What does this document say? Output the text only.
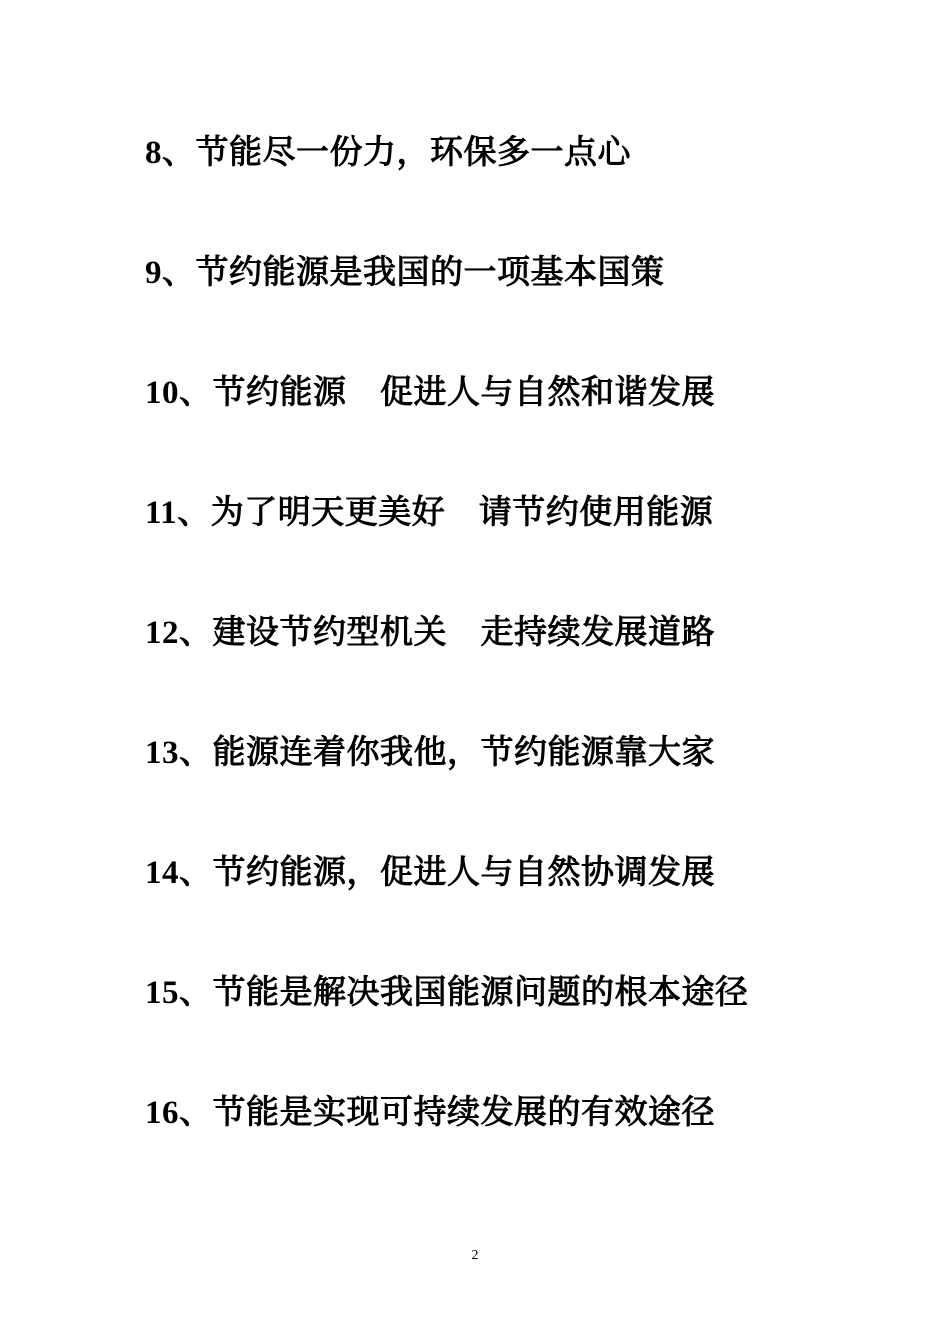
8、节能尽一份力，环保多一点心
9、节约能源是我国的一项基本国策
10、节约能源　促进人与自然和谐发展
11、为了明天更美好　请节约使用能源
12、建设节约型机关　走持续发展道路
13、能源连着你我他，节约能源靠大家
14、节约能源，促进人与自然协调发展
15、节能是解决我国能源问题的根本途径
16、节能是实现可持续发展的有效途径
2
